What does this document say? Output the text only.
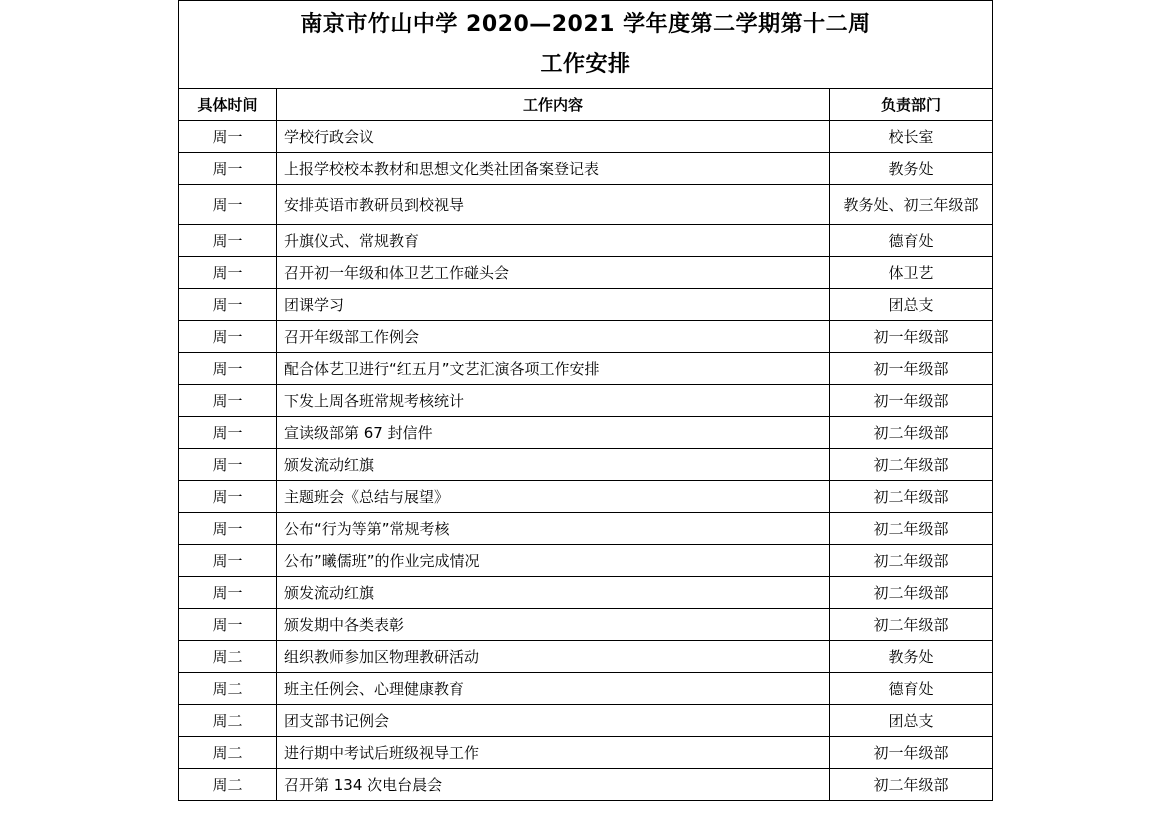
南京市竹山中学 2020—2021 学年度第二学期第十二周
工作安排		

具体时间	工作内容	负责部门
周一	学校行政会议	校长室
周一	上报学校校本教材和思想文化类社团备案登记表	教务处
周一	安排英语市教研员到校视导	教务处、初三年级部
周一	升旗仪式、常规教育	德育处
周一	召开初一年级和体卫艺工作碰头会	体卫艺
周一	团课学习	团总支
周一	召开年级部工作例会	初一年级部
周一	配合体艺卫进行“红五月”文艺汇演各项工作安排	初一年级部
周一	下发上周各班常规考核统计	初一年级部
周一	宣读级部第 67 封信件	初二年级部
周一	颁发流动红旗	初二年级部
周一	主题班会《总结与展望》	初二年级部
周一	公布“行为等第”常规考核	初二年级部
周一	公布”曦儒班”的作业完成情况	初二年级部
周一	颁发流动红旗	初二年级部
周一	颁发期中各类表彰	初二年级部
周二	组织教师参加区物理教研活动	教务处
周二	班主任例会、心理健康教育	德育处
周二	团支部书记例会	团总支
周二	进行期中考试后班级视导工作	初一年级部
周二	召开第 134 次电台晨会	初二年级部
